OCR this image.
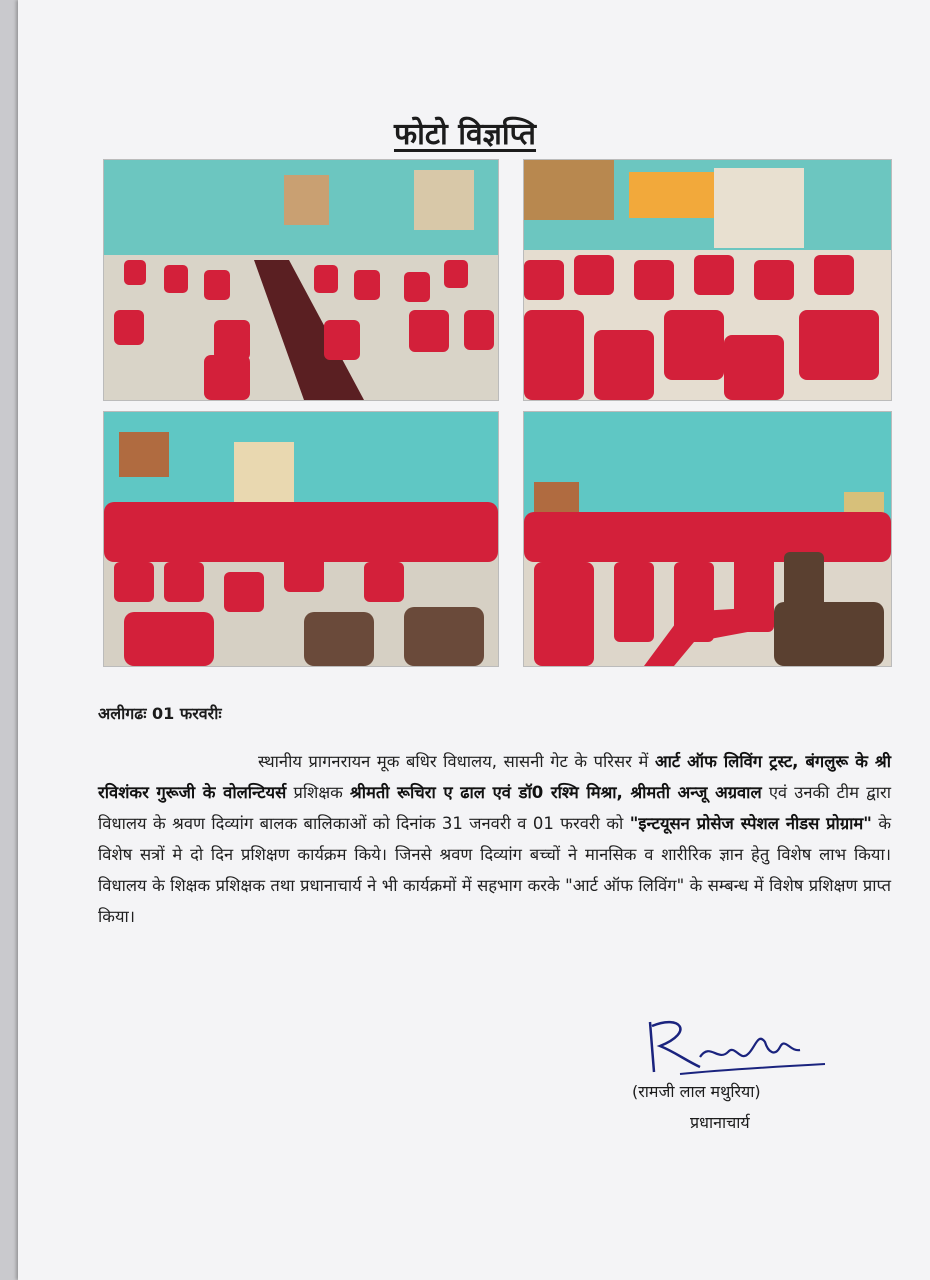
फोटो विज्ञप्ति
अलीगढः 01 फरवरीः
स्थानीय प्रागनरायन मूक बधिर विधालय, सासनी गेट के परिसर में आर्ट ऑफ लिविंग ट्रस्ट, बंगलुरू के श्री रविशंकर गुरूजी के वोलन्टियर्स प्रशिक्षक श्रीमती रूचिरा ए ढाल एवं डॉ0 रश्मि मिश्रा, श्रीमती अन्जू अग्रवाल एवं उनकी टीम द्वारा विधालय के श्रवण दिव्यांग बालक बालिकाओं को दिनांक 31 जनवरी व 01 फरवरी को "इन्टयूसन प्रोसेज स्पेशल नीडस प्रोग्राम" के विशेष सत्रों मे दो दिन प्रशिक्षण कार्यक्रम किये। जिनसे श्रवण दिव्यांग बच्चों ने मानसिक व शारीरिक ज्ञान हेतु विशेष लाभ किया। विधालय के शिक्षक प्रशिक्षक तथा प्रधानाचार्य ने भी कार्यक्रमों में सहभाग करके "आर्ट ऑफ लिविंग" के सम्बन्ध में विशेष प्रशिक्षण प्राप्त किया।
(रामजी लाल मथुरिया)
प्रधानाचार्य
